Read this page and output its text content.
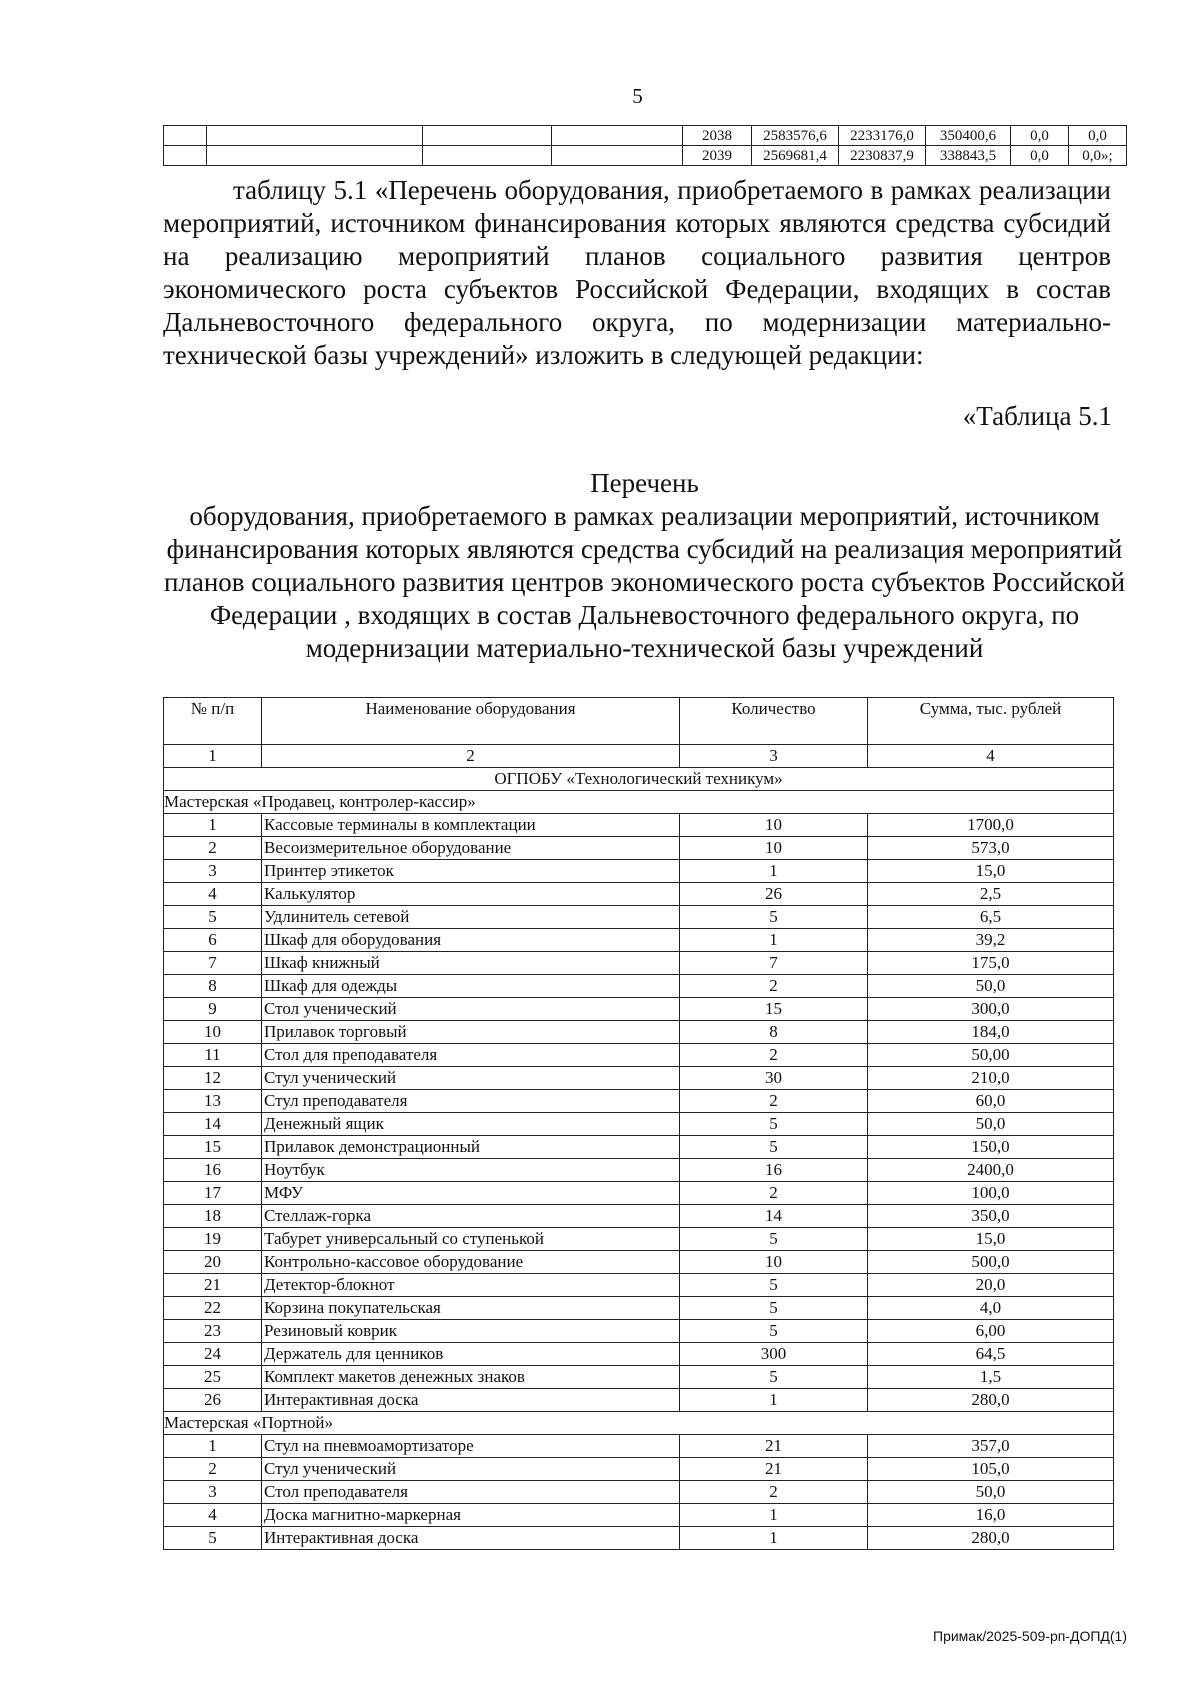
5
				2038	2583576,6	2233176,0	350400,6	0,0	0,0
				2039	2569681,4	2230837,9	338843,5	0,0	0,0»;
таблицу 5.1 «Перечень оборудования, приобретаемого в рамках реализации мероприятий, источником финансирования которых являются средства субсидий на реализацию мероприятий планов социального развития центров экономического роста субъектов Российской Федерации, входящих в состав Дальневосточного федерального округа, по модернизации материально-технической базы учреждений» изложить в следующей редакции:
«Таблица 5.1
Перечень
оборудования, приобретаемого в рамках реализации мероприятий, источником финансирования которых являются средства субсидий на реализация мероприятий планов социального развития центров экономического роста субъектов Российской Федерации , входящих в состав Дальневосточного федерального округа, по модернизации материально-технической базы учреждений
№ п/п	Наименование оборудования	Количество	Сумма, тыс. рублей
1	2	3	4
ОГПОБУ «Технологический техникум»			
Мастерская «Продавец, контролер-кассир»			
1	Кассовые терминалы в комплектации	10	1700,0
2	Весоизмерительное оборудование	10	573,0
3	Принтер этикеток	1	15,0
4	Калькулятор	26	2,5
5	Удлинитель сетевой	5	6,5
6	Шкаф для оборудования	1	39,2
7	Шкаф книжный	7	175,0
8	Шкаф для одежды	2	50,0
9	Стол ученический	15	300,0
10	Прилавок торговый	8	184,0
11	Стол для преподавателя	2	50,00
12	Стул ученический	30	210,0
13	Стул преподавателя	2	60,0
14	Денежный ящик	5	50,0
15	Прилавок демонстрационный	5	150,0
16	Ноутбук	16	2400,0
17	МФУ	2	100,0
18	Стеллаж-горка	14	350,0
19	Табурет универсальный со ступенькой	5	15,0
20	Контрольно-кассовое оборудование	10	500,0
21	Детектор-блокнот	5	20,0
22	Корзина покупательская	5	4,0
23	Резиновый коврик	5	6,00
24	Держатель для ценников	300	64,5
25	Комплект макетов денежных знаков	5	1,5
26	Интерактивная доска	1	280,0
Мастерская «Портной»			
1	Стул на пневмоамортизаторе	21	357,0
2	Стул ученический	21	105,0
3	Стол преподавателя	2	50,0
4	Доска магнитно-маркерная	1	16,0
5	Интерактивная доска	1	280,0
Примак/2025-509-рп-ДОПД(1)
